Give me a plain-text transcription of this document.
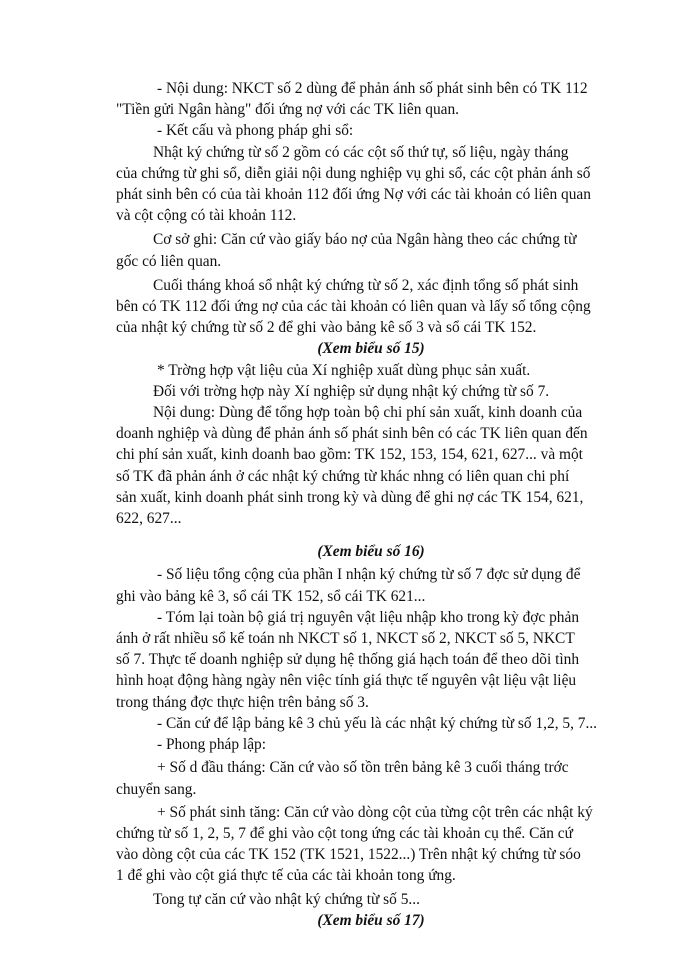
- Nội dung: NKCT số 2 dùng để phản ánh số phát sinh bên có TK 112
"Tiền gửi Ngân hàng" đối ứng nợ với các TK liên quan.
- Kết cấu và phong pháp ghi sổ:
Nhật ký chứng từ số 2 gồm có các cột số thứ tự, số liệu, ngày tháng
của chứng từ ghi sổ, diễn giải nội dung nghiệp vụ ghi sổ, các cột phản ánh số
phát sinh bên có của tài khoản 112 đối ứng Nợ với các tài khoản có liên quan
và cột cộng có tài khoản 112.
Cơ sở ghi: Căn cứ vào giấy báo nợ của Ngân hàng theo các chứng từ
gốc có liên quan.
Cuối tháng khoá sổ nhật ký chứng từ số 2, xác định tổng số phát sinh
bên có TK 112 đối ứng nợ của các tài khoản có liên quan và lấy số tổng cộng
của nhật ký chứng từ số 2 để ghi vào bảng kê số 3 và sổ cái TK 152.
(Xem biểu số 15)
* Trờng hợp vật liệu của Xí nghiệp xuất dùng phục sản xuất.
Đối với trờng hợp này Xí nghiệp sử dụng nhật ký chứng từ số 7.
Nội dung: Dùng để tổng hợp toàn bộ chi phí sản xuất, kinh doanh của
doanh nghiệp và dùng để phản ánh số phát sinh bên có các TK liên quan đến
chi phí sản xuất, kinh doanh bao gồm: TK 152, 153, 154, 621, 627... và một
số TK đã phản ánh ở các nhật ký chứng từ khác nhng có liên quan chi phí
sản xuất, kinh doanh phát sinh trong kỳ và dùng để ghi nợ các TK 154, 621,
622, 627...
(Xem biểu số 16)
- Số liệu tổng cộng của phần I nhận ký chứng từ số 7 đợc sử dụng để
ghi vào bảng kê 3, sổ cái TK 152, sổ cái TK 621...
- Tóm lại toàn bộ giá trị nguyên vật liệu nhập kho trong kỳ đợc phản
ánh ở rất nhiều sổ kế toán nh NKCT số 1, NKCT số 2, NKCT số 5, NKCT
số 7. Thực tế doanh nghiệp sử dụng hệ thống giá hạch toán để theo dõi tình
hình hoạt động hàng ngày nên việc tính giá thực tế nguyên vật liệu vật liệu
trong tháng đợc thực hiện trên bảng số 3.
- Căn cứ để lập bảng kê 3 chủ yếu là các nhật ký chứng từ số 1,2, 5, 7...
- Phong pháp lập:
+ Số d đầu tháng: Căn cứ vào số tồn trên bảng kê 3 cuối tháng trớc
chuyển sang.
+ Số phát sinh tăng: Căn cứ vào dòng cột của từng cột trên các nhật ký
chứng từ số 1, 2, 5, 7 để ghi vào cột tong ứng các tài khoản cụ thể. Căn cứ
vào dòng cột của các TK 152 (TK 1521, 1522...) Trên nhật ký chứng từ sóo
1 để ghi vào cột giá thực tế của các tài khoản tong ứng.
Tong tự căn cứ vào nhật ký chứng từ số 5...
(Xem biểu số 17)
